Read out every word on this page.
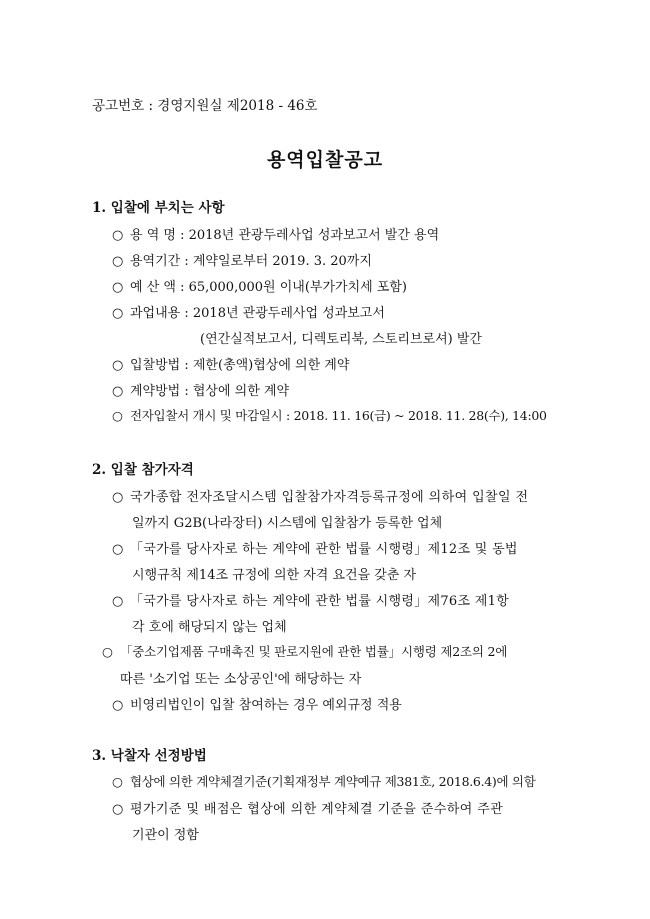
공고번호 : 경영지원실 제2018 - 46호
용역입찰공고
1. 입찰에 부치는 사항
○ 용 역 명 : 2018년 관광두레사업 성과보고서 발간 용역
○ 용역기간 : 계약일로부터 2019. 3. 20까지
○ 예 산 액 : 65,000,000원 이내(부가가치세 포함)
○ 과업내용 : 2018년 관광두레사업 성과보고서
(연간실적보고서, 디렉토리북, 스토리브로셔) 발간
○ 입찰방법 : 제한(총액)협상에 의한 계약
○ 계약방법 : 협상에 의한 계약
○ 전자입찰서 개시 및 마감일시 : 2018. 11. 16(금) ~ 2018. 11. 28(수), 14:00
2. 입찰 참가자격
○ 국가종합 전자조달시스템 입찰참가자격등록규정에 의하여 입찰일 전
일까지 G2B(나라장터) 시스템에 입찰참가 등록한 업체
○ 「국가를 당사자로 하는 계약에 관한 법률 시행령」제12조 및 동법
시행규칙 제14조 규정에 의한 자격 요건을 갖춘 자
○ 「국가를 당사자로 하는 계약에 관한 법률 시행령」제76조 제1항
각 호에 해당되지 않는 업체
○ 「중소기업제품 구매촉진 및 판로지원에 관한 법률」시행령 제2조의 2에
따른 '소기업 또는 소상공인'에 해당하는 자
○ 비영리법인이 입찰 참여하는 경우 예외규정 적용
3. 낙찰자 선정방법
○ 협상에 의한 계약체결기준(기획재정부 계약예규 제381호, 2018.6.4)에 의함
○ 평가기준 및 배점은 협상에 의한 계약체결 기준을 준수하여 주관
기관이 정함
